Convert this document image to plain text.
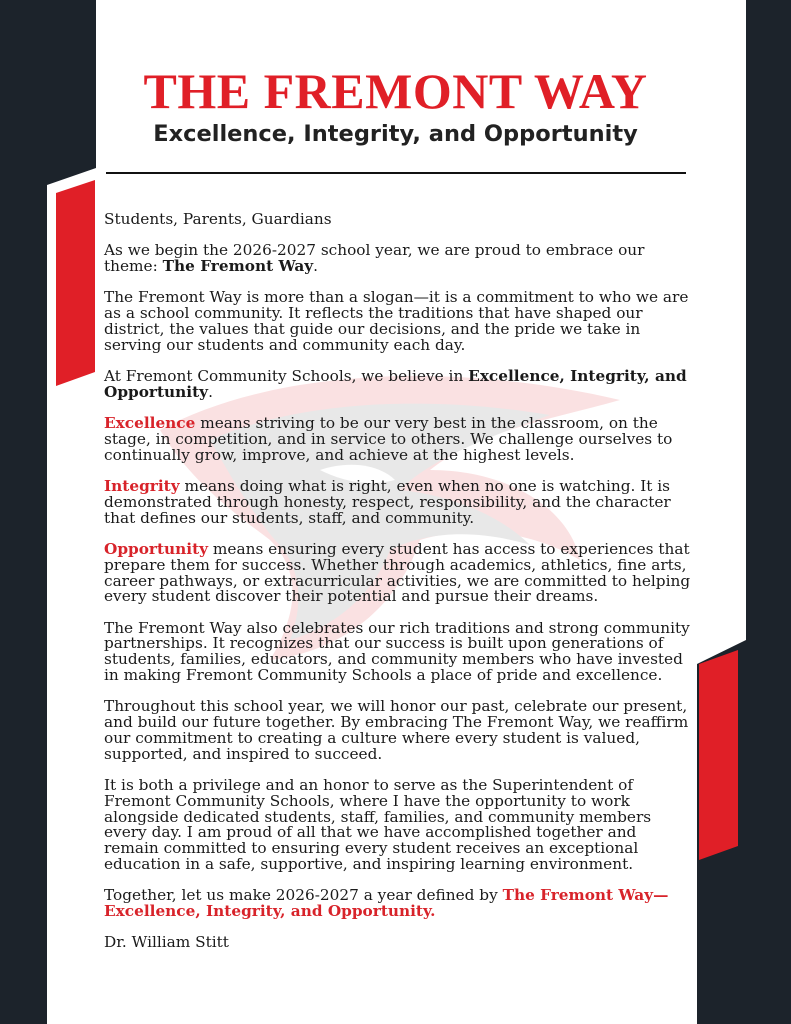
THE FREMONT WAY
Excellence, Integrity, and Opportunity

Students, Parents, Guardians

As we begin the 2026-2027 school year, we are proud to embrace our theme: The Fremont Way.

The Fremont Way is more than a slogan—it is a commitment to who we are as a school community. It reflects the traditions that have shaped our district, the values that guide our decisions, and the pride we take in serving our students and community each day.

At Fremont Community Schools, we believe in Excellence, Integrity, and Opportunity.

Excellence means striving to be our very best in the classroom, on the stage, in competition, and in service to others. We challenge ourselves to continually grow, improve, and achieve at the highest levels.

Integrity means doing what is right, even when no one is watching. It is demonstrated through honesty, respect, responsibility, and the character that defines our students, staff, and community.

Opportunity means ensuring every student has access to experiences that prepare them for success. Whether through academics, athletics, fine arts, career pathways, or extracurricular activities, we are committed to helping every student discover their potential and pursue their dreams.

The Fremont Way also celebrates our rich traditions and strong community partnerships. It recognizes that our success is built upon generations of students, families, educators, and community members who have invested in making Fremont Community Schools a place of pride and excellence.

Throughout this school year, we will honor our past, celebrate our present, and build our future together. By embracing The Fremont Way, we reaffirm our commitment to creating a culture where every student is valued, supported, and inspired to succeed.

It is both a privilege and an honor to serve as the Superintendent of Fremont Community Schools, where I have the opportunity to work alongside dedicated students, staff, families, and community members every day. I am proud of all that we have accomplished together and remain committed to ensuring every student receives an exceptional education in a safe, supportive, and inspiring learning environment.

Together, let us make 2026-2027 a year defined by The Fremont Way—Excellence, Integrity, and Opportunity.

Dr. William Stitt
